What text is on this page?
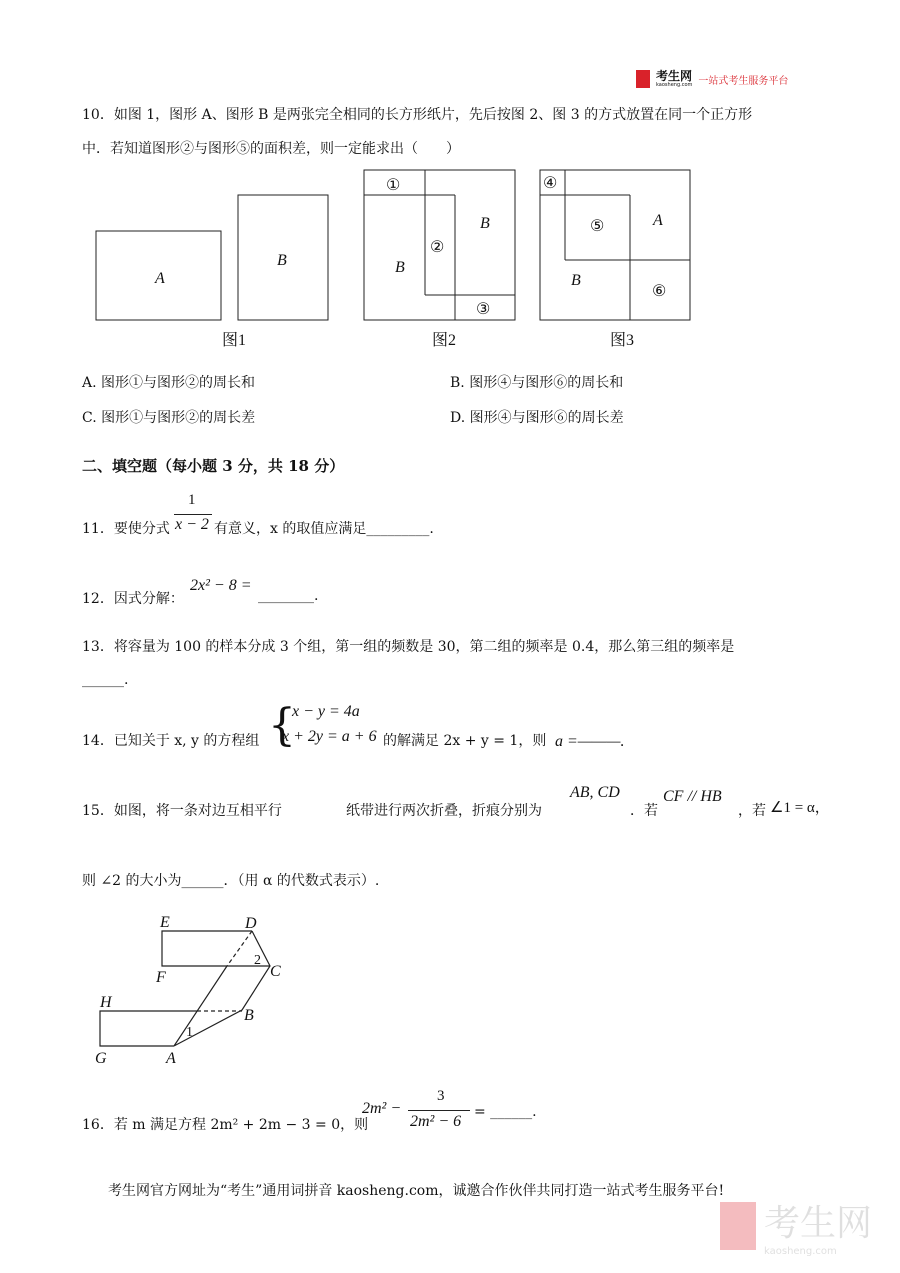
考生网
kaosheng.com 一站式考生服务平台
10．如图 1，图形 A、图形 B 是两张完全相同的长方形纸片，先后按图 2、图 3 的方式放置在同一个正方形
中．若知道图形②与图形⑤的面积差，则一定能求出（　　）
A
B
①
B
②
B
③
④
⑤	A
B
⑥
图1	图2	图3
A. 图形①与图形②的周长和	B. 图形④与图形⑥的周长和
C. 图形①与图形②的周长差	D. 图形④与图形⑥的周长差
二、填空题（每小题 3 分，共 18 分）
11．要使分式
1
x − 2 有意义，x 的取值应满足_________.
12．因式分解：
2x² − 8 =
________.
13．将容量为 100 的样本分成 3 个组，第一组的频数是 30，第二组的频率是 0.4，那么第三组的频率是
______.
14．已知关于 x, y 的方程组 {
x − y = 4a
x + 2y = a + 6 的解满足 2x + y = 1，则 a =———.
15．如图，将一条对边互相平行	纸带进行两次折叠，折痕分别为
AB, CD
．若
CF // HB
，若 ∠1 = α，
则 ∠2 的大小为______．（用 α 的代数式表示）.
E	D
F	C
H
B
G	A
1
2
16．若 m 满足方程 2m² + 2m − 3 = 0，则
2m² −
3
2m² − 6
= ______.
考生网官方网址为“考生”通用词拼音 kaosheng.com，诚邀合作伙伴共同打造一站式考生服务平台!
考生网
kaosheng.com
